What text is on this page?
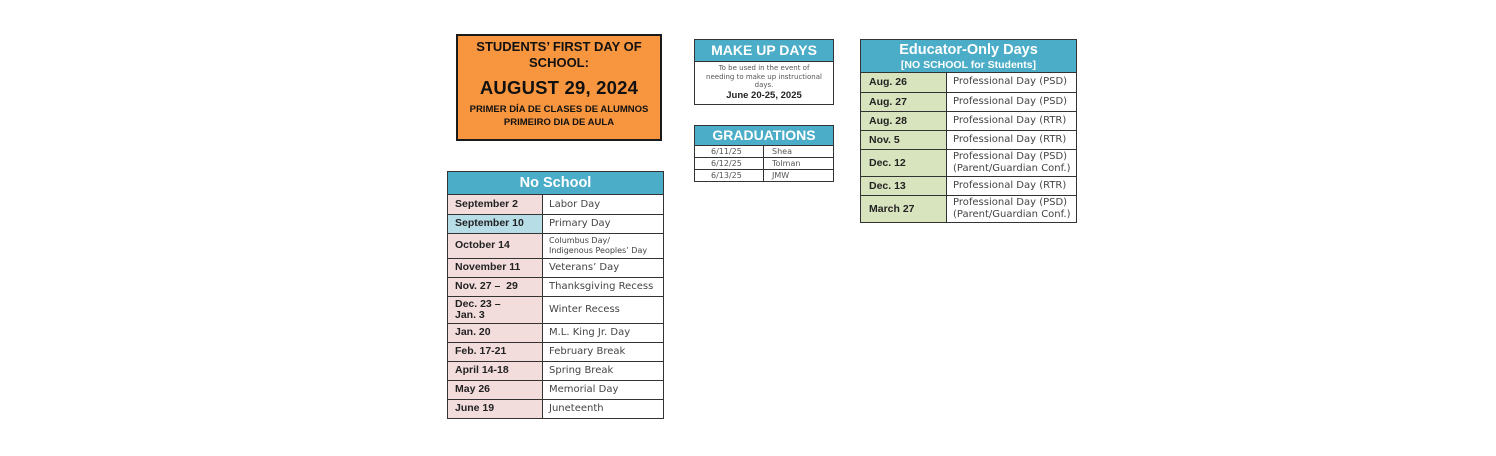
STUDENTS’ FIRST DAY OF SCHOOL:
AUGUST 29, 2024
PRIMER DÍA DE CLASES DE ALUMNOS
PRIMEIRO DIA DE AULA
MAKE UP DAYS
To be used in the event of needing to make up instructional days.
June 20-25, 2025
GRADUATIONS
6/11/25	Shea
6/12/25	Tolman
6/13/25	JMW
No School
September 2	Labor Day
September 10	Primary Day
October 14	Columbus Day/
Indigenous Peoples’ Day

November 11	Veterans’ Day
Nov. 27 –  29	Thanksgiving Recess

Dec. 23 –
Jan. 3	Winter Recess
Jan. 20	M.L. King Jr. Day
Feb. 17-21	February Break
April 14-18	Spring Break
May 26	Memorial Day
June 19	Juneteenth
Educator-Only Days
[NO SCHOOL for Students]
Aug. 26	Professional Day (PSD)
Aug. 27	Professional Day (PSD)
Aug. 28	Professional Day (RTR)
Nov. 5	Professional Day (RTR)
Dec. 12	Professional Day (PSD)
(Parent/Guardian Conf.)

Dec. 13	Professional Day (RTR)
March 27	Professional Day (PSD)
(Parent/Guardian Conf.)
